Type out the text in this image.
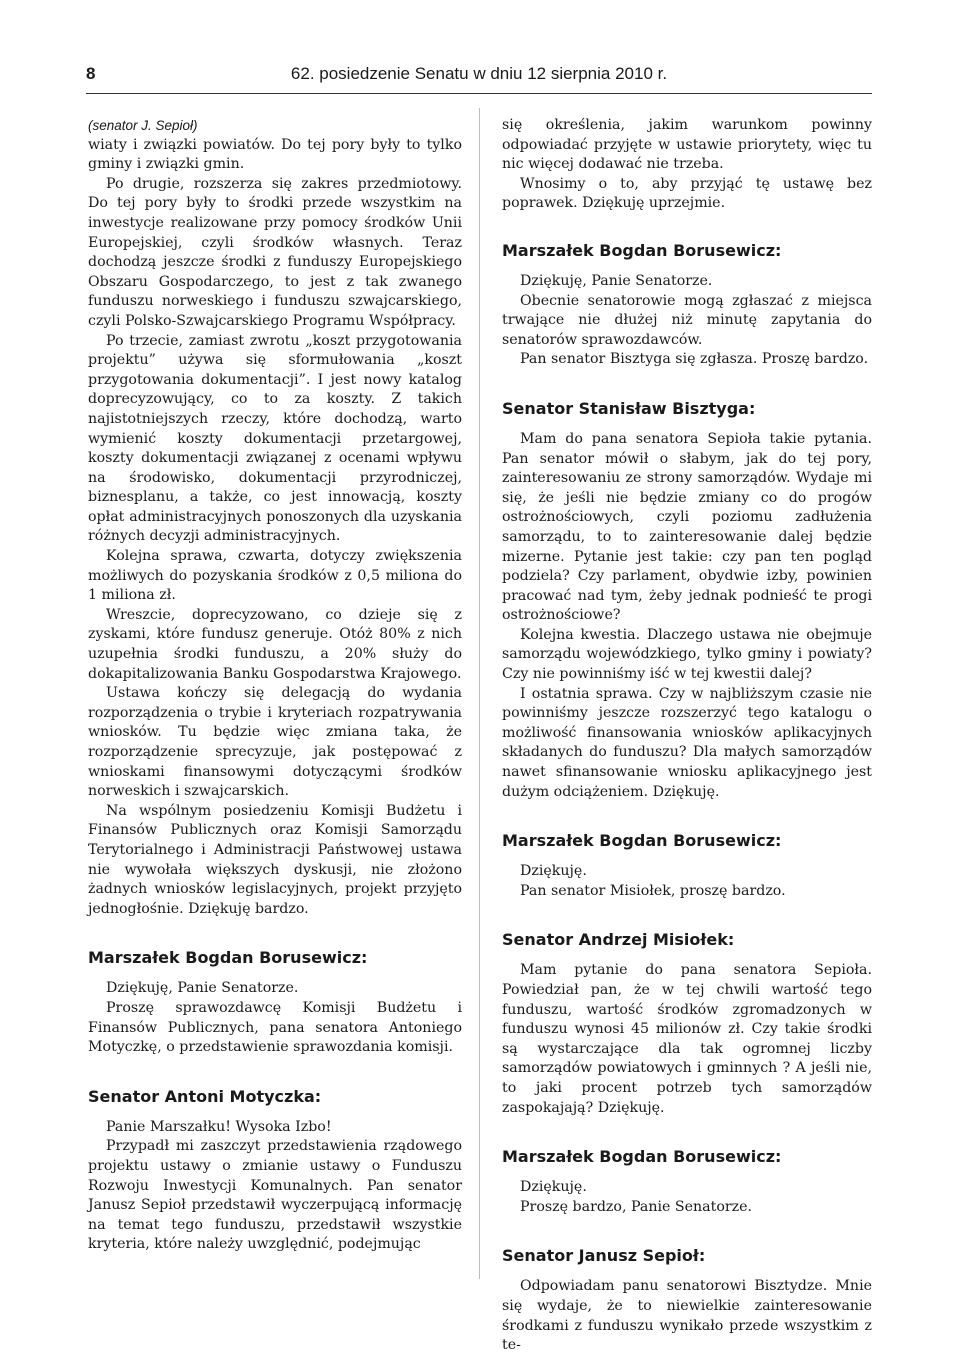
8	62. posiedzenie Senatu w dniu 12 sierpnia 2010 r.

(senator J. Sepioł)

wiaty i związki powiatów. Do tej pory były to tylko gminy i związki gmin.

Po drugie, rozszerza się zakres przedmiotowy. Do tej pory były to środki przede wszystkim na inwestycje realizowane przy pomocy środków Unii Europejskiej, czyli środków własnych. Teraz dochodzą jeszcze środki z funduszy Europejskiego Obszaru Gospodarczego, to jest z tak zwanego funduszu norweskiego i funduszu szwajcarskiego, czyli Polsko-Szwajcarskiego Programu Współpracy.

Po trzecie, zamiast zwrotu „koszt przygotowania projektu” używa się sformułowania „koszt przygotowania dokumentacji”. I jest nowy katalog doprecyzowujący, co to za koszty. Z takich najistotniejszych rzeczy, które dochodzą, warto wymienić koszty dokumentacji przetargowej, koszty dokumentacji związanej z ocenami wpływu na środowisko, dokumentacji przyrodniczej, biznesplanu, a także, co jest innowacją, koszty opłat administracyjnych ponoszonych dla uzyskania różnych decyzji administracyjnych.

Kolejna sprawa, czwarta, dotyczy zwiększenia możliwych do pozyskania środków z 0,5 miliona do 1 miliona zł.

Wreszcie, doprecyzowano, co dzieje się z zyskami, które fundusz generuje. Otóż 80% z nich uzupełnia środki funduszu, a 20% służy do dokapitalizowania Banku Gospodarstwa Krajowego.

Ustawa kończy się delegacją do wydania rozporządzenia o trybie i kryteriach rozpatrywania wniosków. Tu będzie więc zmiana taka, że rozporządzenie sprecyzuje, jak postępować z wnioskami finansowymi dotyczącymi środków norweskich i szwajcarskich.

Na wspólnym posiedzeniu Komisji Budżetu i Finansów Publicznych oraz Komisji Samorządu Terytorialnego i Administracji Państwowej ustawa nie wywołała większych dyskusji, nie złożono żadnych wniosków legislacyjnych, projekt przyjęto jednogłośnie. Dziękuję bardzo.

Marszałek Bogdan Borusewicz:

Dziękuję, Panie Senatorze.

Proszę sprawozdawcę Komisji Budżetu i Finansów Publicznych, pana senatora Antoniego Motyczkę, o przedstawienie sprawozdania komisji.

Senator Antoni Motyczka:

Panie Marszałku! Wysoka Izbo!

Przypadł mi zaszczyt przedstawienia rządowego projektu ustawy o zmianie ustawy o Funduszu Rozwoju Inwestycji Komunalnych. Pan senator Janusz Sepioł przedstawił wyczerpującą informację na temat tego funduszu, przedstawił wszystkie kryteria, które należy uwzględnić, podejmując

się określenia, jakim warunkom powinny odpowiadać przyjęte w ustawie priorytety, więc tu nic więcej dodawać nie trzeba.

Wnosimy o to, aby przyjąć tę ustawę bez poprawek. Dziękuję uprzejmie.

Marszałek Bogdan Borusewicz:

Dziękuję, Panie Senatorze.

Obecnie senatorowie mogą zgłaszać z miejsca trwające nie dłużej niż minutę zapytania do senatorów sprawozdawców.

Pan senator Bisztyga się zgłasza. Proszę bardzo.

Senator Stanisław Bisztyga:

Mam do pana senatora Sepioła takie pytania. Pan senator mówił o słabym, jak do tej pory, zainteresowaniu ze strony samorządów. Wydaje mi się, że jeśli nie będzie zmiany co do progów ostrożnościowych, czyli poziomu zadłużenia samorządu, to to zainteresowanie dalej będzie mizerne. Pytanie jest takie: czy pan ten pogląd podziela? Czy parlament, obydwie izby, powinien pracować nad tym, żeby jednak podnieść te progi ostrożnościowe?

Kolejna kwestia. Dlaczego ustawa nie obejmuje samorządu wojewódzkiego, tylko gminy i powiaty? Czy nie powinniśmy iść w tej kwestii dalej?

I ostatnia sprawa. Czy w najbliższym czasie nie powinniśmy jeszcze rozszerzyć tego katalogu o możliwość finansowania wniosków aplikacyjnych składanych do funduszu? Dla małych samorządów nawet sfinansowanie wniosku aplikacyjnego jest dużym odciążeniem. Dziękuję.

Marszałek Bogdan Borusewicz:

Dziękuję.

Pan senator Misiołek, proszę bardzo.

Senator Andrzej Misiołek:

Mam pytanie do pana senatora Sepioła. Powiedział pan, że w tej chwili wartość tego funduszu, wartość środków zgromadzonych w funduszu wynosi 45 milionów zł. Czy takie środki są wystarczające dla tak ogromnej liczby samorządów powiatowych i gminnych ? A jeśli nie, to jaki procent potrzeb tych samorządów zaspokajają? Dziękuję.

Marszałek Bogdan Borusewicz:

Dziękuję.

Proszę bardzo, Panie Senatorze.

Senator Janusz Sepioł:

Odpowiadam panu senatorowi Bisztydze. Mnie się wydaje, że to niewielkie zainteresowanie środkami z funduszu wynikało przede wszystkim z te-
